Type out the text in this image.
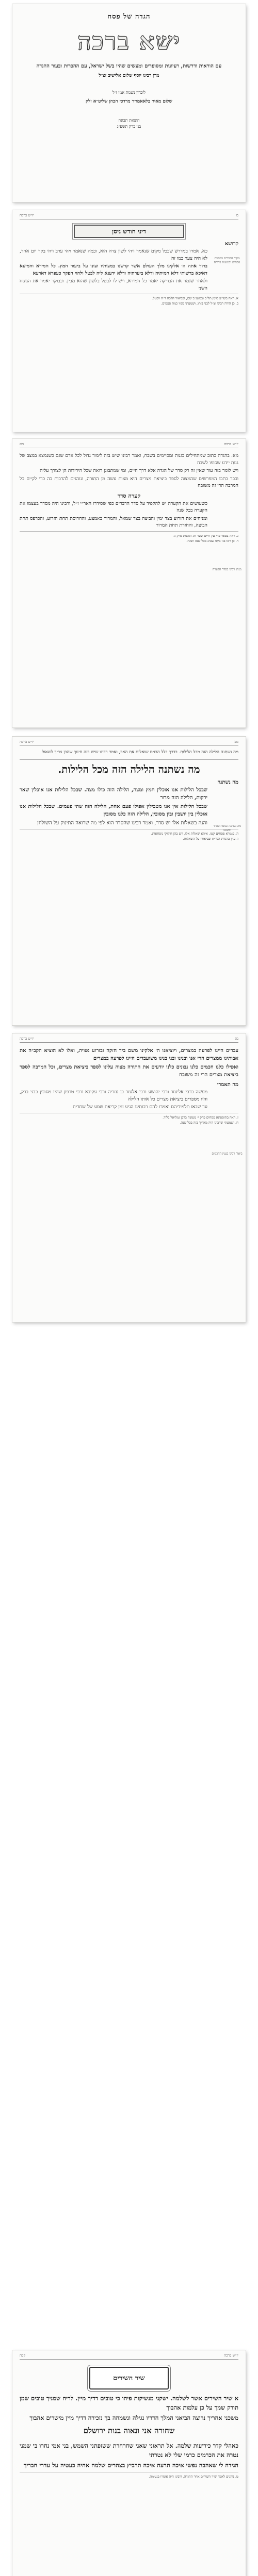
הגדה של פסח
ישא ברכה
עם הוראות ודרשות, רעיונות ומסופרים ומעשים שהיו בשל ישראל, עם ההכרות ובעור ההגדה
מרן רבינו יוסף שלום אלישיב זצ״ל
לזכרון נשמת אמו ז״ל
שלום מאיר בלאאמו״ר מרדכי הכהן שליט״א זלק
הוצאת תבונה
בני ברק תשע״ג
מ
יז״ש ברכה
דיני חודש ניסן
קדושא
מקור הדברים במסכת פסחים ובמשנה ברורה

כא. אמרו במדרש שבכל מקום שנאמר ויהי לשון צרה הוא, ובמה שנאמר ויהי ערב ויהי בקר יום אחד, לא היה צער כמו זה

ברוך אתה ה׳ אלקינו מלך העולם אשר קדשנו במצותיו וצונו על ביעור חמץ. כל חמירא וחמיעא דאיכא ברשותי דלא חמיתיה ודלא ביערתיה ודלא ידענא ליה לבטל ולהוי הפקר כעפרא דארעא

ולאחר שגמר את הבדיקה יאמר כל חמירא, ויש לו לבטל בלשון שהוא מבין. ובבוקר יאמר את הנוסח השני

א. ראה בשו״ע סימן תל״ב ובמשנ״ב שם, ובביאור הלכה ד״ה ויבטל.

ב. כן הורה רבינו זצ״ל לבני ביתו, ושמעתי מפיו כמה פעמים.

יז״ש ברכה
מא

מא. בהגדה כתוב שמתחילים בגנות ומסיימים בשבח, ואמר רבינו שיש בזה לימוד גדול לכל אדם שגם כשנמצא במצב של גנות יידע שסופו לשבח

ויש לומר בזה עוד שאין זה רק סדר של הגדה אלא דרך חיים, ומי שמתבונן רואה שכל הירידות הן לצורך עליה

וכבר כתבו המפרשים שהמצוה לספר ביציאת מצרים היא מצות עשה מן התורה, ונוהגים להרבות בה כדי לקיים כל המרבה הרי זה משובח

קערה סדר
מנהג רבינו בסדר הקערה

כשעושים את הקערה יש להקפיד על סדר הדברים כפי שסידרו האר״י ז״ל, ורבינו היה מסדר בעצמו את הקערה בכל שנה

ומניחים את הזרוע בצד ימין והביצה בצד שמאל, והמרור באמצע, והחרוסת תחת הזרוע, והכרפס תחת הביצה, והחזרת תחת המרור

ג. ראה בספר פרי עץ חיים שער חג המצות פרק ג׳.

ד. כן ראו בני ביתו שנהג בכל שנה ושנה.

מב
יז״ש ברכה
מה נשתנה הלילה הזה מכל הלילות. בדרך כלל הבנים שואלים את האב, ואמר רבינו שיש בזה חינוך שהבן צריך לשאול
מה נשתנה הלילה הזה מכל הלילות.
מה נשתנה
מה נשתנה בנוסח ספרד ואשכנז

שבכל הלילות אנו אוכלין חמץ ומצה, הלילה הזה כולו מצה. שבכל הלילות אנו אוכלין שאר ירקות, הלילה הזה מרור

שבכל הלילות אין אנו מטבילין אפילו פעם אחת, הלילה הזה שתי פעמים. שבכל הלילות אנו אוכלין בין יושבין ובין מסובין, הלילה הזה כלנו מסובין

והנה בשאלות אלו יש סדר, ואמר רבינו שהסדר הוא לפי מה שרואה התינוק על השולחן

ה. בגמרא פסחים קטז. איתא שאלות אלו, ויש בהן חילוקי נוסחאות.

ו. עיין בהגדת הגר״א ובביאורו על השאלות.

מג
יז״ש ברכה

עבדים היינו לפרעה במצרים, ויוציאנו ה׳ אלקינו משם ביד חזקה ובזרוע נטויה, ואלו לא הוציא הקב״ה את אבותינו ממצרים הרי אנו ובנינו ובני בנינו משועבדים היינו לפרעה במצרים

ואפילו כלנו חכמים כלנו נבונים כלנו יודעים את התורה מצוה עלינו לספר ביציאת מצרים, וכל המרבה לספר ביציאת מצרים הרי זה משובח

מה תאמרי
ביאור רבינו בענין החכמים

מעשה ברבי אליעזר ורבי יהושע ורבי אלעזר בן עזריה ורבי עקיבא ורבי טרפון שהיו מסובין בבני ברק, והיו מספרים ביציאת מצרים כל אותו הלילה

עד שבאו תלמידיהם ואמרו להם רבותינו הגיע זמן קריאת שמע של שחרית

ז. ראה בתוספתא פסחים פרק י׳ מעשה ברבן גמליאל בלוד.

ח. ושמעתי שרבינו היה מאריך בזה בכל שנה.

יז״ש ברכה
קכה
שיר השירים

א שיר השירים אשר לשלמה. ישקני מנשיקות פיהו כי טובים דדיך מיין. לריח שמניך טובים שמן תורק שמך על כן עלמות אהבוך

משכני אחריך נרוצה הביאני המלך חדריו נגילה ונשמחה בך נזכירה דדיך מיין מישרים אהבוך

שחורה אני ונאוה בנות ירושלם

כאהלי קדר כיריעות שלמה. אל תראוני שאני שחרחרת ששזפתני השמש, בני אמי נחרו בי שמני נטרה את הכרמים כרמי שלי לא נטרתי

הגידה לי שאהבה נפשי איכה תרעה איכה תרביץ בצהרים שלמה אהיה כעטיה על עדרי חבריך

ט. נוהגים לאמר שיר השירים אחר ההגדה, ורבינו היה אומרו בנעימה.
